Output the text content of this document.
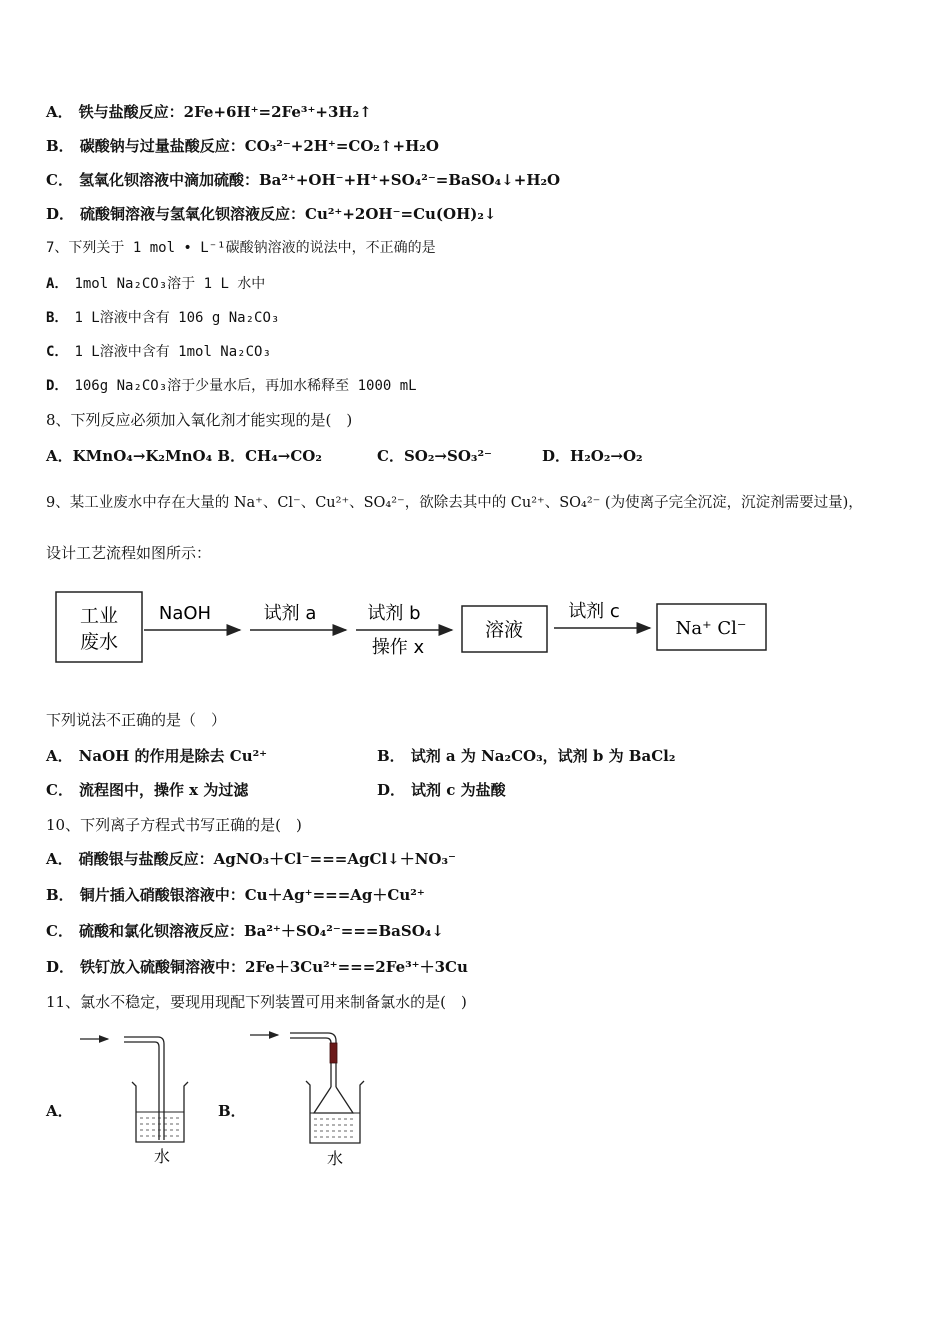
A． 铁与盐酸反应：2Fe+6H⁺=2Fe³⁺+3H₂↑
B． 碳酸钠与过量盐酸反应：CO₃²⁻+2H⁺=CO₂↑+H₂O
C． 氢氧化钡溶液中滴加硫酸：Ba²⁺+OH⁻+H⁺+SO₄²⁻=BaSO₄↓+H₂O
D． 硫酸铜溶液与氢氧化钡溶液反应：Cu²⁺+2OH⁻=Cu(OH)₂↓
7、下列关于 1 mol • L⁻¹碳酸钠溶液的说法中，不正确的是
A． 1mol Na₂CO₃溶于 1 L 水中
B． 1 L溶液中含有 106 g Na₂CO₃
C． 1 L溶液中含有 1mol Na₂CO₃
D． 106g Na₂CO₃溶于少量水后，再加水稀释至 1000 mL
8、下列反应必须加入氧化剂才能实现的是(　)
A．KMnO₄→K₂MnO₄ B．CH₄→CO₂	C．SO₂→SO₃²⁻	D．H₂O₂→O₂
9、某工业废水中存在大量的 Na⁺、Cl⁻、Cu²⁺、SO₄²⁻，欲除去其中的 Cu²⁺、SO₄²⁻ (为使离子完全沉淀，沉淀剂需要过量)，
设计工艺流程如图所示：
工业
废水
NaOH	试剂 a	试剂 b
操作 x
溶液
试剂 c
Na⁺ Cl⁻
下列说法不正确的是（　）
A． NaOH 的作用是除去 Cu²⁺	B． 试剂 a 为 Na₂CO₃，试剂 b 为 BaCl₂
C． 流程图中，操作 x 为过滤	D． 试剂 c 为盐酸
10、下列离子方程式书写正确的是(　)
A． 硝酸银与盐酸反应：AgNO₃＋Cl⁻===AgCl↓＋NO₃⁻
B． 铜片插入硝酸银溶液中：Cu＋Ag⁺===Ag＋Cu²⁺
C． 硫酸和氯化钡溶液反应：Ba²⁺＋SO₄²⁻===BaSO₄↓
D． 铁钉放入硫酸铜溶液中：2Fe＋3Cu²⁺===2Fe³⁺＋3Cu
11、氯水不稳定，要现用现配下列装置可用来制备氯水的是(　)
A．
水
B．
水
